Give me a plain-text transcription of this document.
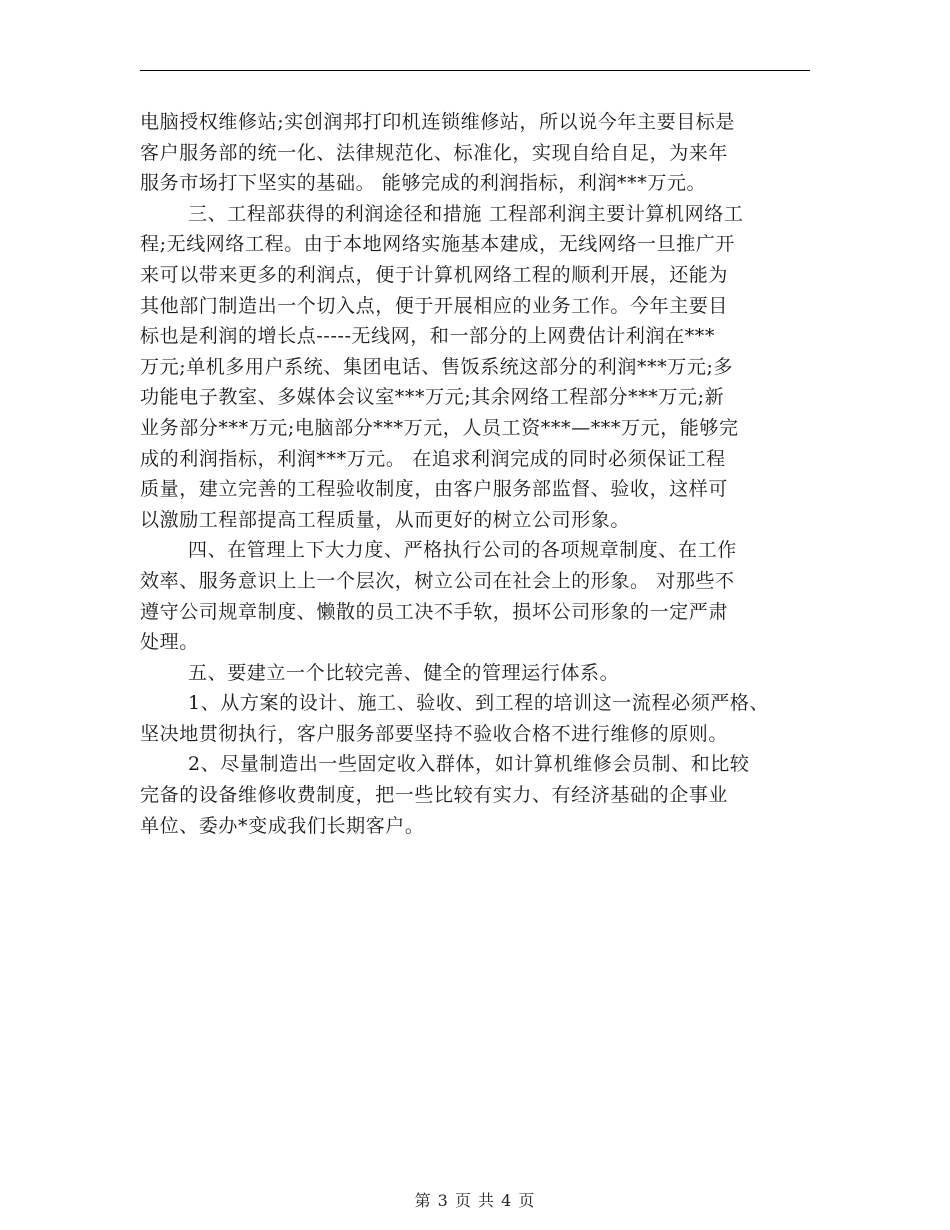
电脑授权维修站;实创润邦打印机连锁维修站，所以说今年主要目标是
客户服务部的统一化、法律规范化、标准化，实现自给自足，为来年
服务市场打下坚实的基础。 能够完成的利润指标，利润***万元。
三、工程部获得的利润途径和措施 工程部利润主要计算机网络工
程;无线网络工程。由于本地网络实施基本建成，无线网络一旦推广开
来可以带来更多的利润点，便于计算机网络工程的顺利开展，还能为
其他部门制造出一个切入点，便于开展相应的业务工作。今年主要目
标也是利润的增长点-----无线网，和一部分的上网费估计利润在***
万元;单机多用户系统、集团电话、售饭系统这部分的利润***万元;多
功能电子教室、多媒体会议室***万元;其余网络工程部分***万元;新
业务部分***万元;电脑部分***万元，人员工资***—***万元，能够完
成的利润指标，利润***万元。 在追求利润完成的同时必须保证工程
质量，建立完善的工程验收制度，由客户服务部监督、验收，这样可
以激励工程部提高工程质量，从而更好的树立公司形象。
四、在管理上下大力度、严格执行公司的各项规章制度、在工作
效率、服务意识上上一个层次，树立公司在社会上的形象。 对那些不
遵守公司规章制度、懒散的员工决不手软，损坏公司形象的一定严肃
处理。
五、要建立一个比较完善、健全的管理运行体系。
1、从方案的设计、施工、验收、到工程的培训这一流程必须严格、
坚决地贯彻执行，客户服务部要坚持不验收合格不进行维修的原则。
2、尽量制造出一些固定收入群体，如计算机维修会员制、和比较
完备的设备维修收费制度，把一些比较有实力、有经济基础的企事业
单位、委办*变成我们长期客户。
第 3 页 共 4 页
